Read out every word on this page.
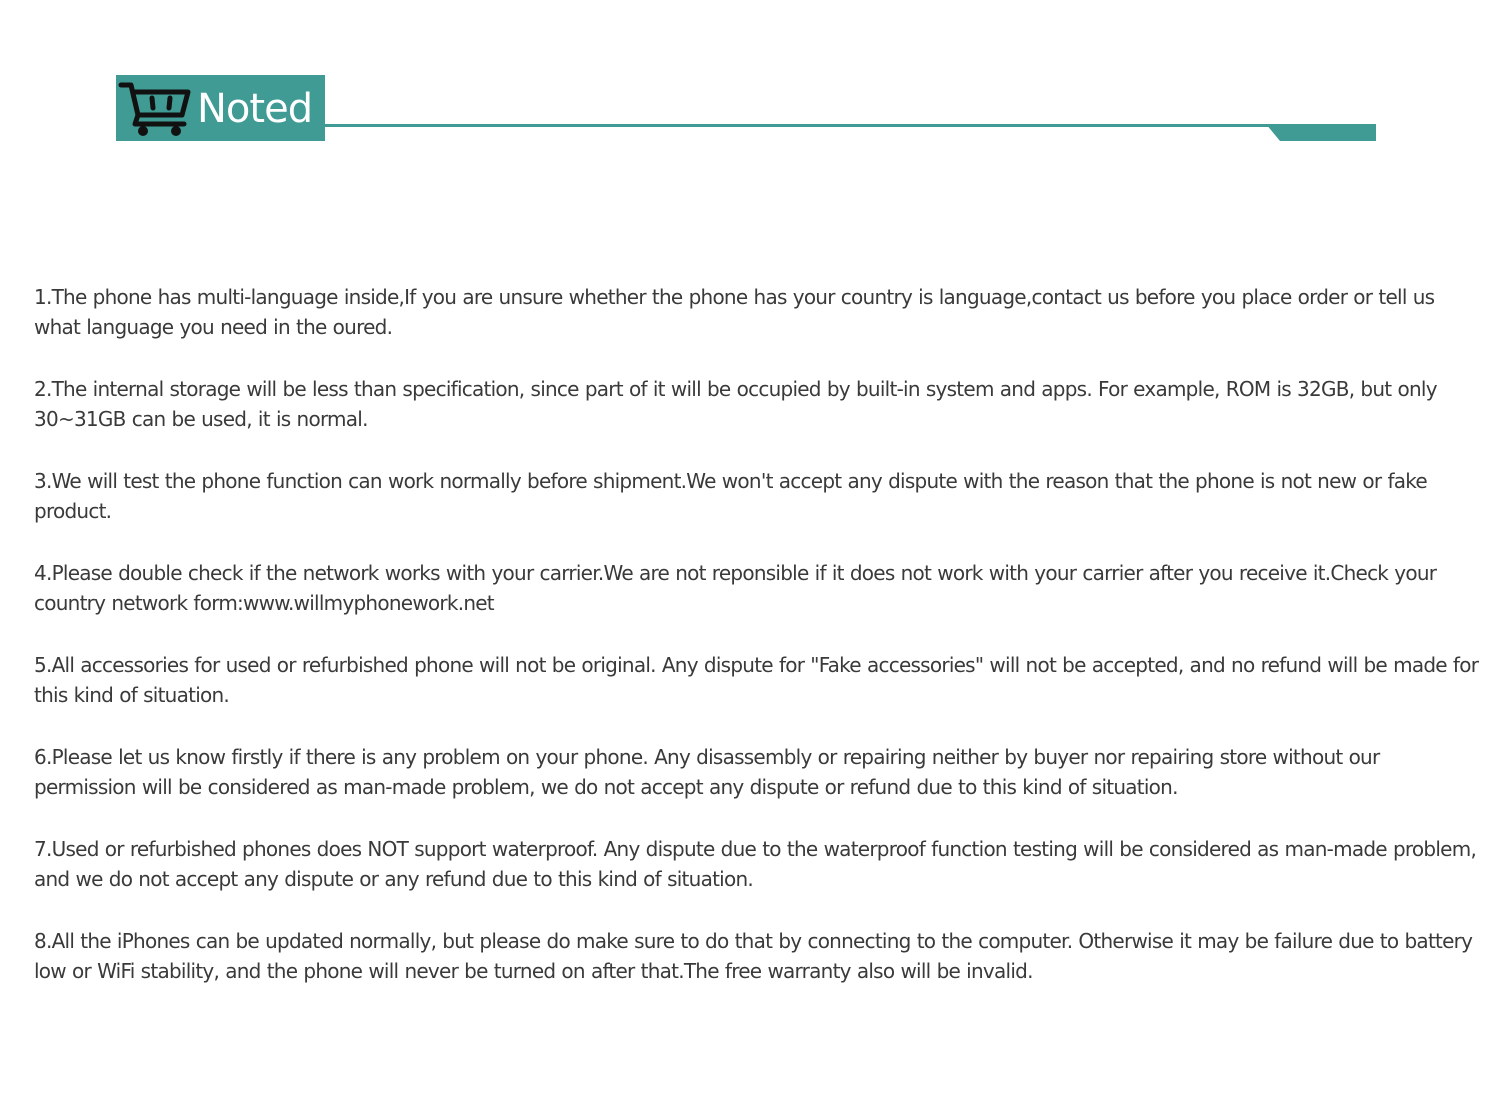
Noted
1.The phone has multi-language inside,If you are unsure whether the phone has your country is language,contact us before you place order or tell us what language you need in the oured.
2.The internal storage will be less than specification, since part of it will be occupied by built-in system and apps. For example, ROM is 32GB, but only 30~31GB can be used, it is normal.
3.We will test the phone function can work normally before shipment.We won't accept any dispute with the reason that the phone is not new or fake product.
4.Please double check if the network works with your carrier.We are not reponsible if it does not work with your carrier after you receive it.Check your country network form:www.willmyphonework.net
5.All accessories for used or refurbished phone will not be original. Any dispute for "Fake accessories" will not be accepted, and no refund will be made for this kind of situation.
6.Please let us know firstly if there is any problem on your phone. Any disassembly or repairing neither by buyer nor repairing store without our permission will be considered as man-made problem, we do not accept any dispute or refund due to this kind of situation.
7.Used or refurbished phones does NOT support waterproof. Any dispute due to the waterproof function testing will be considered as man-made problem, and we do not accept any dispute or any refund due to this kind of situation.
8.All the iPhones can be updated normally, but please do make sure to do that by connecting to the computer. Otherwise it may be failure due to battery low or WiFi stability, and the phone will never be turned on after that.The free warranty also will be invalid.
